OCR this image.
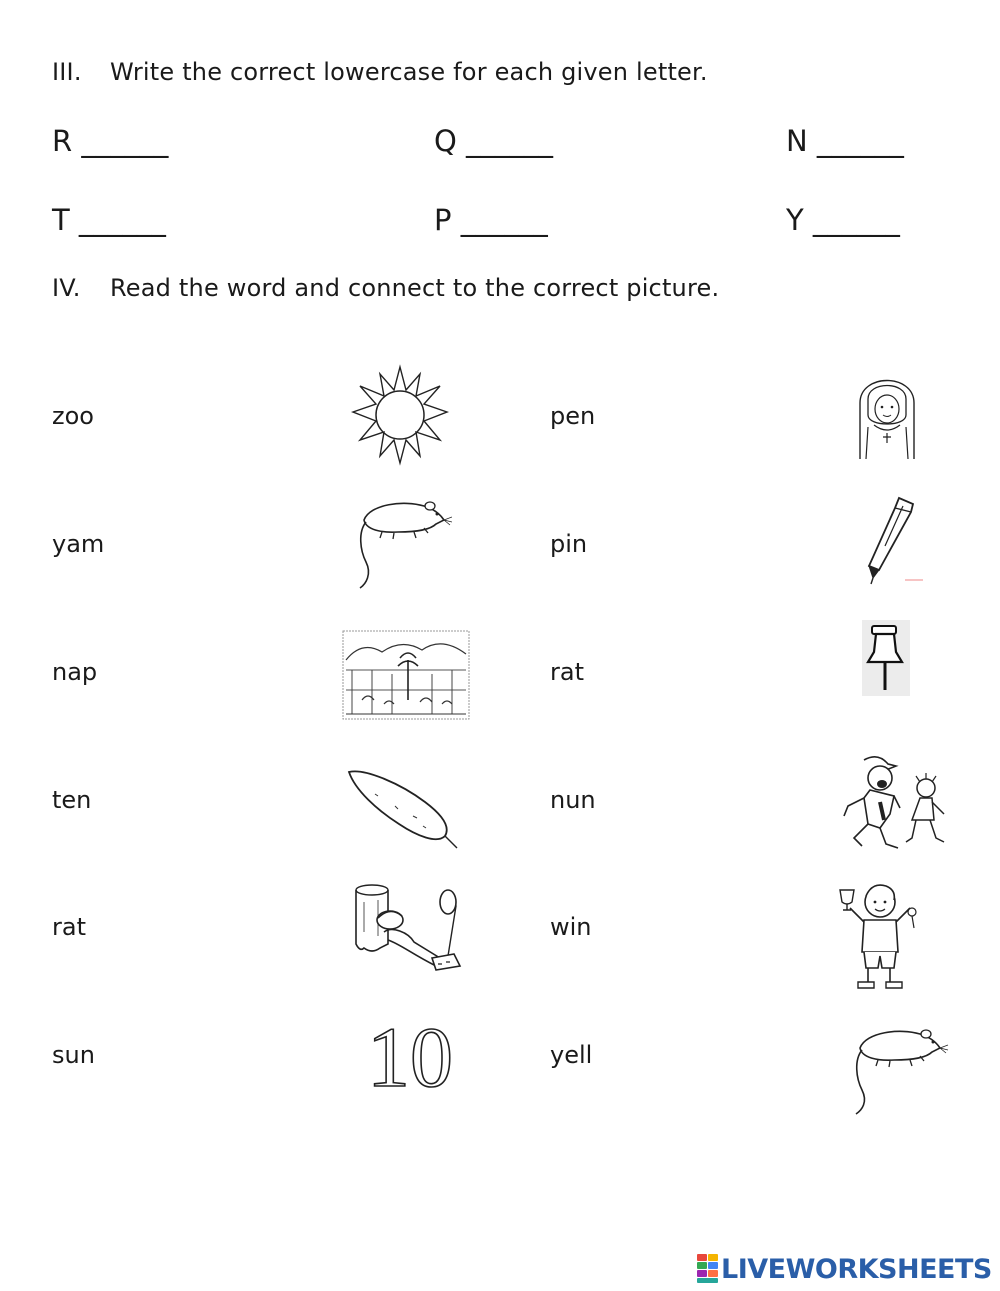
III. Write the correct lowercase for each given letter.
R ______	Q ______	N ______
T ______	P ______	Y ______
IV. Read the word and connect to the correct picture.
zoo
yam
nap
ten
rat
sun
pen
pin
rat
nun
win
yell
10
LIVEWORKSHEETS
